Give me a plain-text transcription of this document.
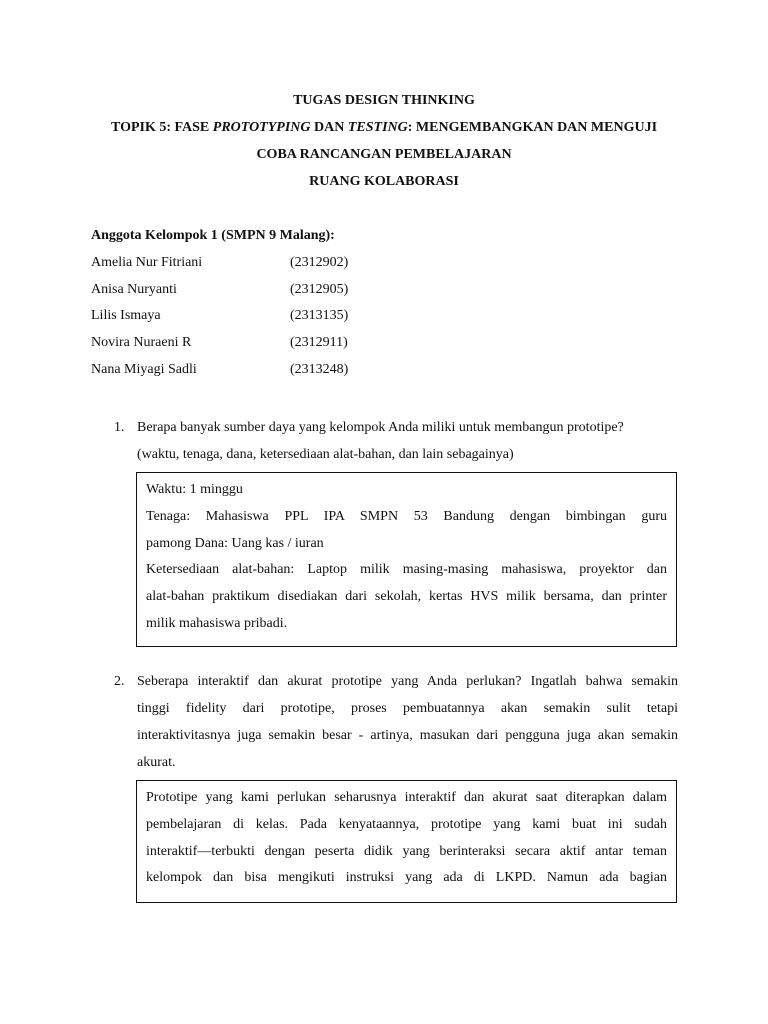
TUGAS DESIGN THINKING
TOPIK 5: FASE PROTOTYPING DAN TESTING: MENGEMBANGKAN DAN MENGUJI
COBA RANCANGAN PEMBELAJARAN
RUANG KOLABORASI
Anggota Kelompok 1 (SMPN 9 Malang):
Amelia Nur Fitriani	(2312902)
Anisa Nuryanti	(2312905)
Lilis Ismaya	(2313135)
Novira Nuraeni R	(2312911)
Nana Miyagi Sadli	(2313248)
1. Berapa banyak sumber daya yang kelompok Anda miliki untuk membangun prototipe?
(waktu, tenaga, dana, ketersediaan alat-bahan, dan lain sebagainya)
Waktu: 1 minggu
Tenaga: Mahasiswa PPL IPA SMPN 53 Bandung dengan bimbingan guru
pamong Dana: Uang kas / iuran
Ketersediaan alat-bahan: Laptop milik masing-masing mahasiswa, proyektor dan
alat-bahan praktikum disediakan dari sekolah, kertas HVS milik bersama, dan printer
milik mahasiswa pribadi.
2. Seberapa interaktif dan akurat prototipe yang Anda perlukan? Ingatlah bahwa semakin
tinggi fidelity dari prototipe, proses pembuatannya akan semakin sulit tetapi
interaktivitasnya juga semakin besar - artinya, masukan dari pengguna juga akan semakin
akurat.
Prototipe yang kami perlukan seharusnya interaktif dan akurat saat diterapkan dalam
pembelajaran di kelas. Pada kenyataannya, prototipe yang kami buat ini sudah
interaktif—terbukti dengan peserta didik yang berinteraksi secara aktif antar teman
kelompok dan bisa mengikuti instruksi yang ada di LKPD. Namun ada bagian
